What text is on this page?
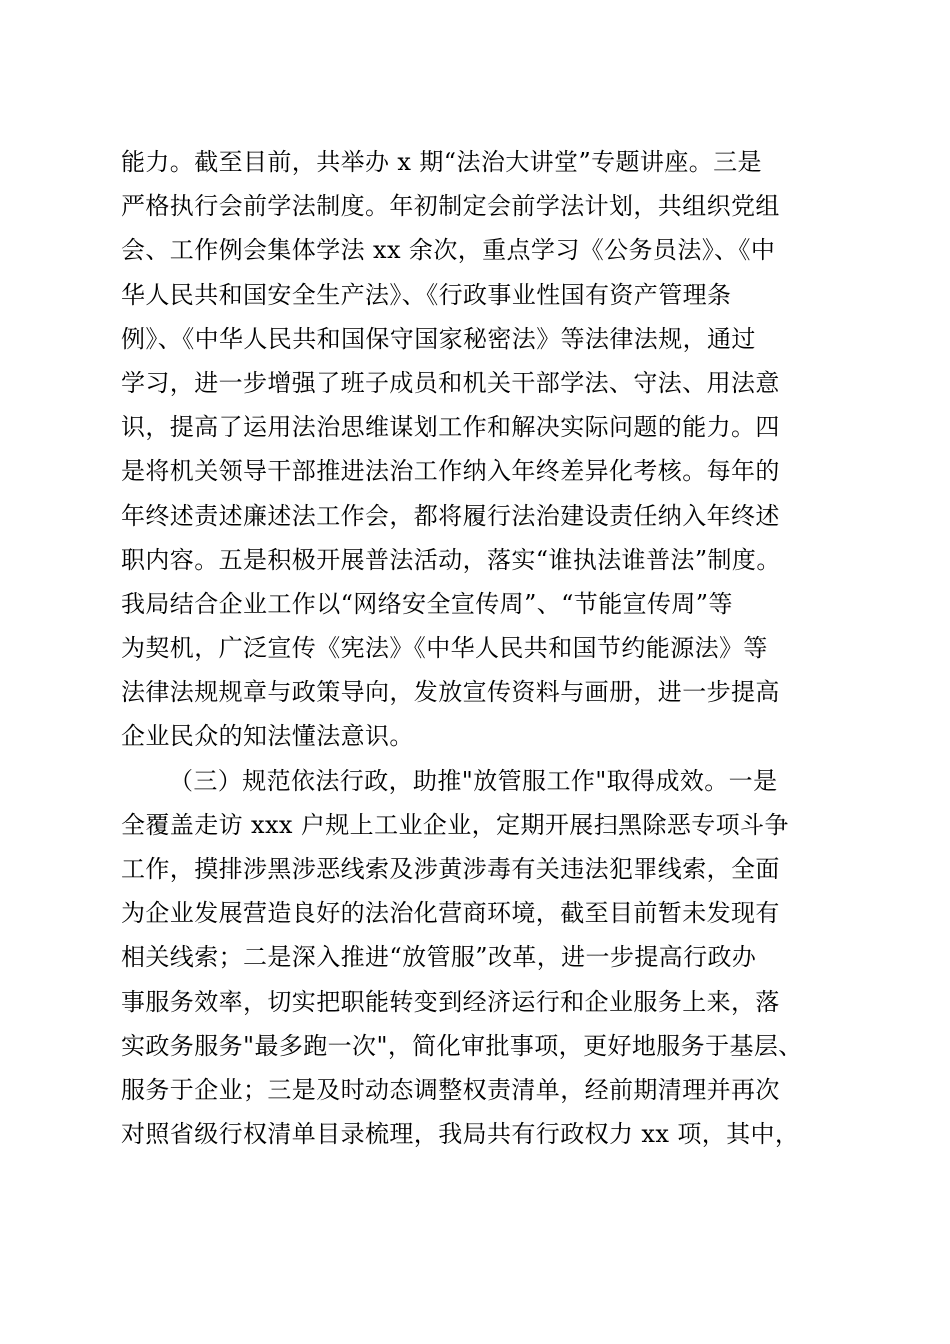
能力。截至目前，共举办 x 期“法治大讲堂”专题讲座。三是
严格执行会前学法制度。年初制定会前学法计划，共组织党组
会、工作例会集体学法 xx 余次，重点学习《公务员法》、《中
华人民共和国安全生产法》、《行政事业性国有资产管理条
例》、《中华人民共和国保守国家秘密法》等法律法规，通过
学习，进一步增强了班子成员和机关干部学法、守法、用法意
识，提高了运用法治思维谋划工作和解决实际问题的能力。四
是将机关领导干部推进法治工作纳入年终差异化考核。每年的
年终述责述廉述法工作会，都将履行法治建设责任纳入年终述
职内容。五是积极开展普法活动，落实“谁执法谁普法”制度。
我局结合企业工作以“网络安全宣传周”、“节能宣传周”等
为契机，广泛宣传《宪法》《中华人民共和国节约能源法》等
法律法规规章与政策导向，发放宣传资料与画册，进一步提高
企业民众的知法懂法意识。
（三）规范依法行政，助推"放管服工作"取得成效。一是
全覆盖走访 xxx 户规上工业企业，定期开展扫黑除恶专项斗争
工作，摸排涉黑涉恶线索及涉黄涉毒有关违法犯罪线索，全面
为企业发展营造良好的法治化营商环境，截至目前暂未发现有
相关线索；二是深入推进“放管服”改革，进一步提高行政办
事服务效率，切实把职能转变到经济运行和企业服务上来，落
实政务服务"最多跑一次"，简化审批事项，更好地服务于基层、
服务于企业；三是及时动态调整权责清单，经前期清理并再次
对照省级行权清单目录梳理，我局共有行政权力 xx 项，其中，
